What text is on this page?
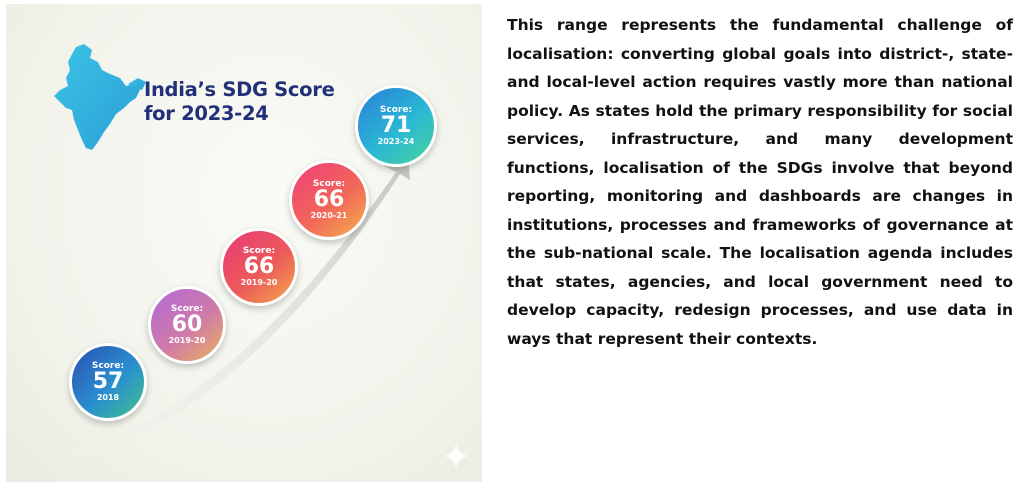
India’s SDG Score
for 2023-24
Score:
57
2018
Score:
60
2019-20
Score:
66
2019-20
Score:
66
2020-21
Score:
71
2023-24

This range represents the fundamental challenge of localisation: converting global goals into district-, state- and local-level action requires vastly more than national policy. As states hold the primary responsibility for social services, infrastructure, and many development functions, localisation of the SDGs involve that beyond reporting, monitoring and dashboards are changes in institutions, processes and frameworks of governance at the sub-national scale. The localisation agenda includes that states, agencies, and local government need to develop capacity, redesign processes, and use data in ways that represent their contexts.
